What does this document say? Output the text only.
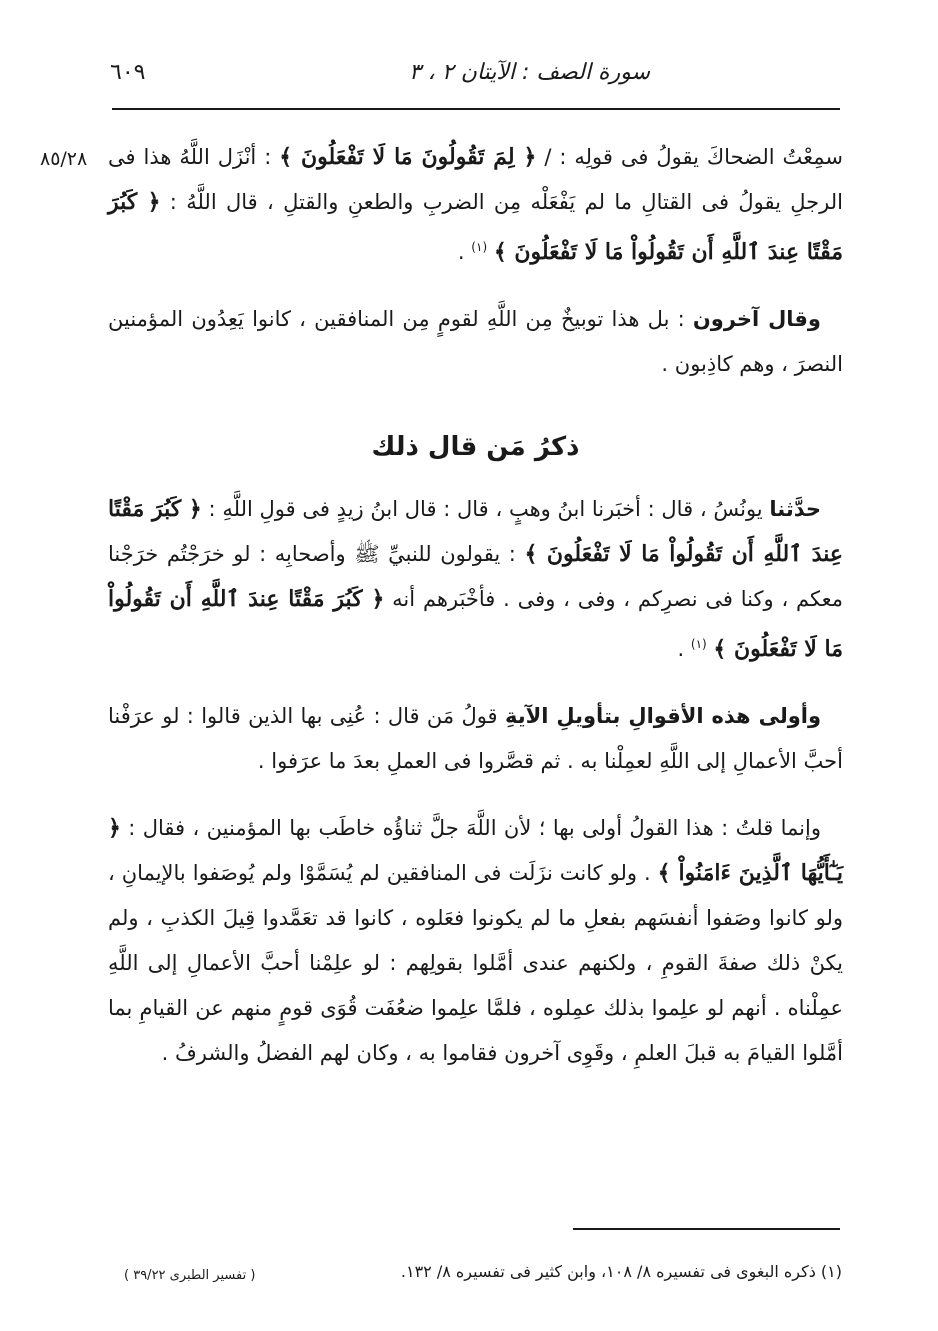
سورة الصف : الآيتان ٢ ، ٣
٦٠٩
٨٥/٢٨	سمِعْتُ الضحاكَ يقولُ فى قولِه : / ﴿ لِمَ تَقُولُونَ مَا لَا تَفْعَلُونَ ﴾ : أنْزَل اللَّهُ هذا فى الرجلِ يقولُ فى القتالِ ما لم يَفْعَلْه مِن الضربِ والطعنِ والقتلِ ، قال اللَّهُ : ﴿ كَبُرَ مَقْتًا عِندَ ٱللَّهِ أَن تَقُولُواْ مَا لَا تَفْعَلُونَ ﴾ $^{(١)}$ .

وقال آخرون : بل هذا توبيخٌ مِن اللَّهِ لقومٍ مِن المنافقين ، كانوا يَعِدُون المؤمنين النصرَ ، وهم كاذِبون .

ذكرُ مَن قال ذلك

حدَّثنا يونُسُ ، قال : أخبَرنا ابنُ وهبٍ ، قال : قال ابنُ زيدٍ فى قولِ اللَّهِ : ﴿ كَبُرَ مَقْتًا عِندَ ٱللَّهِ أَن تَقُولُواْ مَا لَا تَفْعَلُونَ ﴾ : يقولون للنبيِّ ﷺ وأصحابِه : لو خرَجْتُم خرَجْنا معكم ، وكنا فى نصرِكم ، وفى ، وفى . فأخْبَرهم أنه ﴿ كَبُرَ مَقْتًا عِندَ ٱللَّهِ أَن تَقُولُواْ مَا لَا تَفْعَلُونَ ﴾ $^{(١)}$ .

وأولى هذه الأقوالِ بتأويلِ الآيةِ قولُ مَن قال : عُنِى بها الذين قالوا : لو عرَفْنا أحبَّ الأعمالِ إلى اللَّهِ لعمِلْنا به . ثم قصَّروا فى العملِ بعدَ ما عرَفوا .

وإنما قلتُ : هذا القولُ أولى بها ؛ لأن اللَّهَ جلَّ ثناؤُه خاطَب بها المؤمنين ، فقال : ﴿ يَـٰٓأَيُّهَا ٱلَّذِينَ ءَامَنُواْ ﴾ . ولو كانت نزَلَت فى المنافقين لم يُسَمَّوْا ولم يُوصَفوا بالإيمانِ ، ولو كانوا وصَفوا أنفسَهم بفعلِ ما لم يكونوا فعَلوه ، كانوا قد تعَمَّدوا قِيلَ الكذبِ ، ولم يكنْ ذلك صفةَ القومِ ، ولكنهم عندى أمَّلوا بقولِهم : لو علِمْنا أحبَّ الأعمالِ إلى اللَّهِ عمِلْناه . أنهم لو علِموا بذلك عمِلوه ، فلمَّا علِموا ضعُفَت قُوَى قومٍ منهم عن القيامِ بما أمَّلوا القيامَ به قبلَ العلمِ ، وقَوِى آخرون فقاموا به ، وكان لهم الفضلُ والشرفُ .

(١) ذكره البغوى فى تفسيره ٨/ ١٠٨، وابن كثير فى تفسيره ٨/ ١٣٢.
( تفسير الطبرى ٣٩/٢٢ )
